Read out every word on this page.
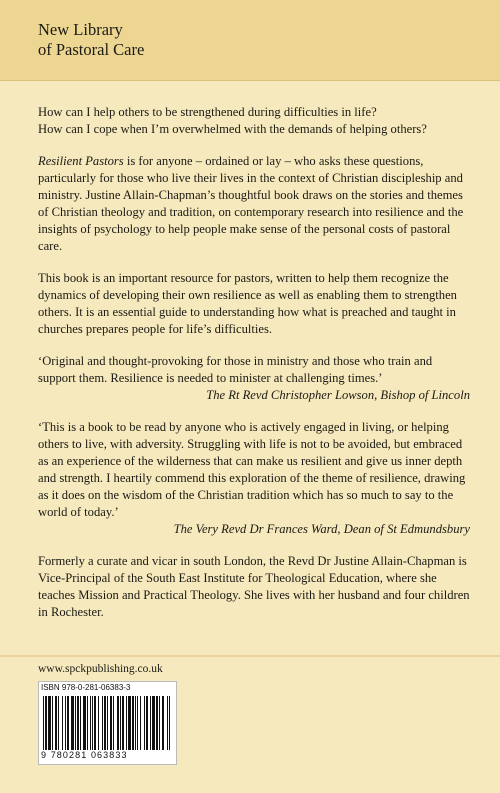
New Library
of Pastoral Care

How can I help others to be strengthened during difficulties in life?
How can I cope when I’m overwhelmed with the demands of helping others?

Resilient Pastors is for anyone – ordained or lay – who asks these questions, particularly for those who live their lives in the context of Christian discipleship and ministry. Justine Allain-Chapman’s thoughtful book draws on the stories and themes of Christian theology and tradition, on contemporary research into resilience and the insights of psychology to help people make sense of the personal costs of pastoral care.

This book is an important resource for pastors, written to help them recognize the dynamics of developing their own resilience as well as enabling them to strengthen others. It is an essential guide to understanding how what is preached and taught in churches prepares people for life’s difficulties.

‘Original and thought-provoking for those in ministry and those who train and support them. Resilience is needed to minister at challenging times.’

The Rt Revd Christopher Lowson, Bishop of Lincoln

‘This is a book to be read by anyone who is actively engaged in living, or helping others to live, with adversity. Struggling with life is not to be avoided, but embraced as an experience of the wilderness that can make us resilient and give us inner depth and strength. I heartily commend this exploration of the theme of resilience, drawing as it does on the wisdom of the Christian tradition which has so much to say to the world of today.’

The Very Revd Dr Frances Ward, Dean of St Edmundsbury

Formerly a curate and vicar in south London, the Revd Dr Justine Allain-Chapman is Vice-Principal of the South East Institute for Theological Education, where she teaches Mission and Practical Theology. She lives with her husband and four children in Rochester.

www.spckpublishing.co.uk
ISBN 978-0-281-06383-3
9 780281 063833
